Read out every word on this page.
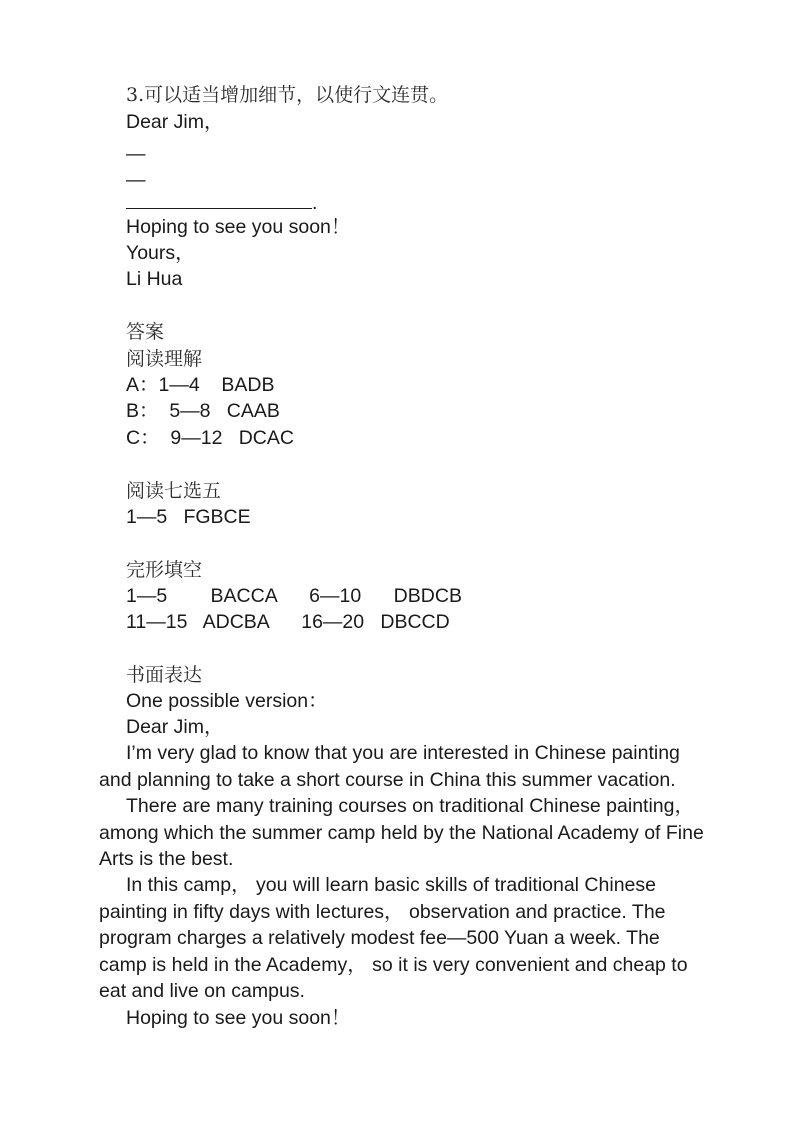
3.可以适当增加细节，以使行文连贯。
Dear Jim，
—
—
.
Hoping to see you soon！
Yours，
Li Hua
答案
阅读理解
A：1—4    BADB
B：  5—8   CAAB
C：  9—12   DCAC
阅读七选五
1—5   FGBCE
完形填空
1—5        BACCA      6—10      DBDCB
11—15   ADCBA      16—20   DBCCD
书面表达
One possible version：
Dear Jim，
I’m very glad to know that you are interested in Chinese painting and planning to take a short course in China this summer vacation.
There are many training courses on traditional Chinese painting，among which the summer camp held by the National Academy of Fine Arts is the best.
In this camp， you will learn basic skills of traditional Chinese painting in fifty days with lectures， observation and practice. The program charges a relatively modest fee—500 Yuan a week. The camp is held in the Academy， so it is very convenient and cheap to eat and live on campus.
Hoping to see you soon！
